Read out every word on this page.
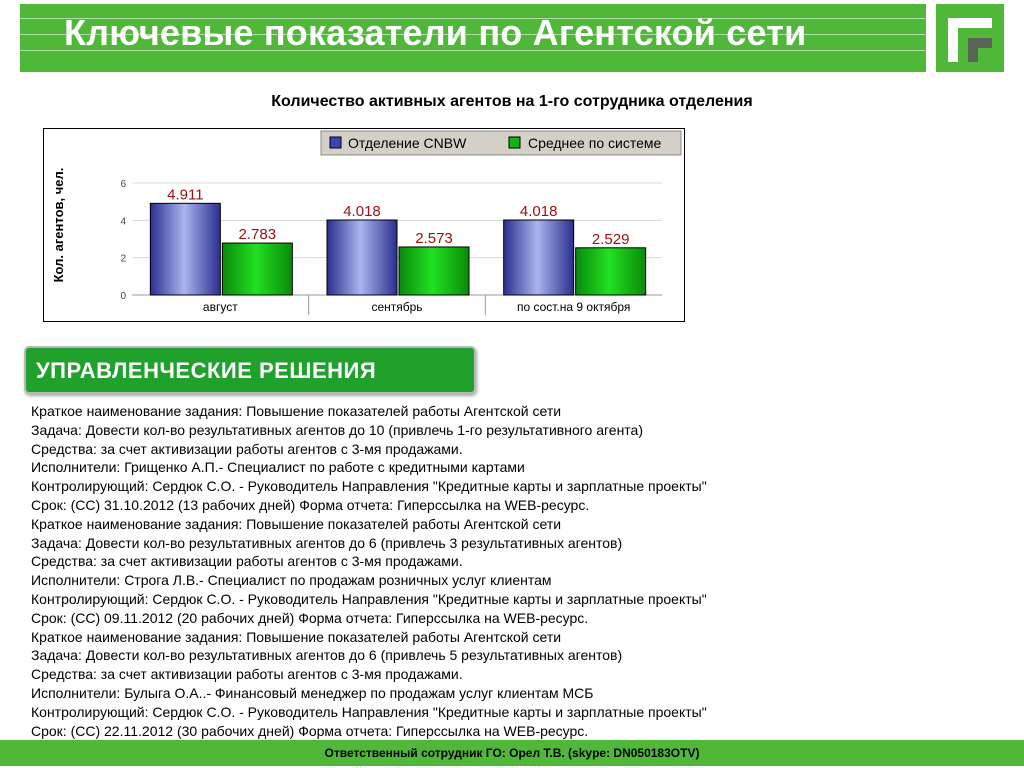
Ключевые показатели по Агентской сети
Количество активных агентов на 1-го сотрудника отделения
0
2
4
6
4.911
2.783
август
4.018
2.573
сентябрь
4.018
2.529
по сост.на 9 октября
Кол. агентов, чел.
Отделение CNBW	Среднее по системе
УПРАВЛЕНЧЕСКИЕ РЕШЕНИЯ
Краткое наименование задания: Повышение показателей работы Агентской сети
Задача: Довести кол-во результативных агентов до 10 (привлечь 1-го результативного агента)
Средства: за счет активизации работы агентов с 3-мя продажами.
Исполнители: Грищенко А.П.- Специалист по работе с кредитными картами
Контролирующий: Сердюк С.О. - Руководитель Направления "Кредитные карты и зарплатные проекты"
Срок: (СС) 31.10.2012 (13 рабочих дней) Форма отчета: Гиперссылка на WEB-ресурс.
Краткое наименование задания: Повышение показателей работы Агентской сети
Задача: Довести кол-во результативных агентов до 6 (привлечь 3 результативных агентов)
Средства: за счет активизации работы агентов с 3-мя продажами.
Исполнители: Строга Л.В.- Специалист по продажам розничных услуг клиентам
Контролирующий: Сердюк С.О. - Руководитель Направления "Кредитные карты и зарплатные проекты"
Срок: (СС) 09.11.2012 (20 рабочих дней) Форма отчета: Гиперссылка на WEB-ресурс.
Краткое наименование задания: Повышение показателей работы Агентской сети
Задача: Довести кол-во результативных агентов до 6 (привлечь 5 результативных агентов)
Средства: за счет активизации работы агентов с 3-мя продажами.
Исполнители: Булыга О.А..- Финансовый менеджер по продажам услуг клиентам МСБ
Контролирующий: Сердюк С.О. - Руководитель Направления "Кредитные карты и зарплатные проекты"
Срок: (СС) 22.11.2012 (30 рабочих дней) Форма отчета: Гиперссылка на WEB-ресурс.
Ответственный сотрудник ГО: Орел Т.В. (skype: DN050183OTV)
